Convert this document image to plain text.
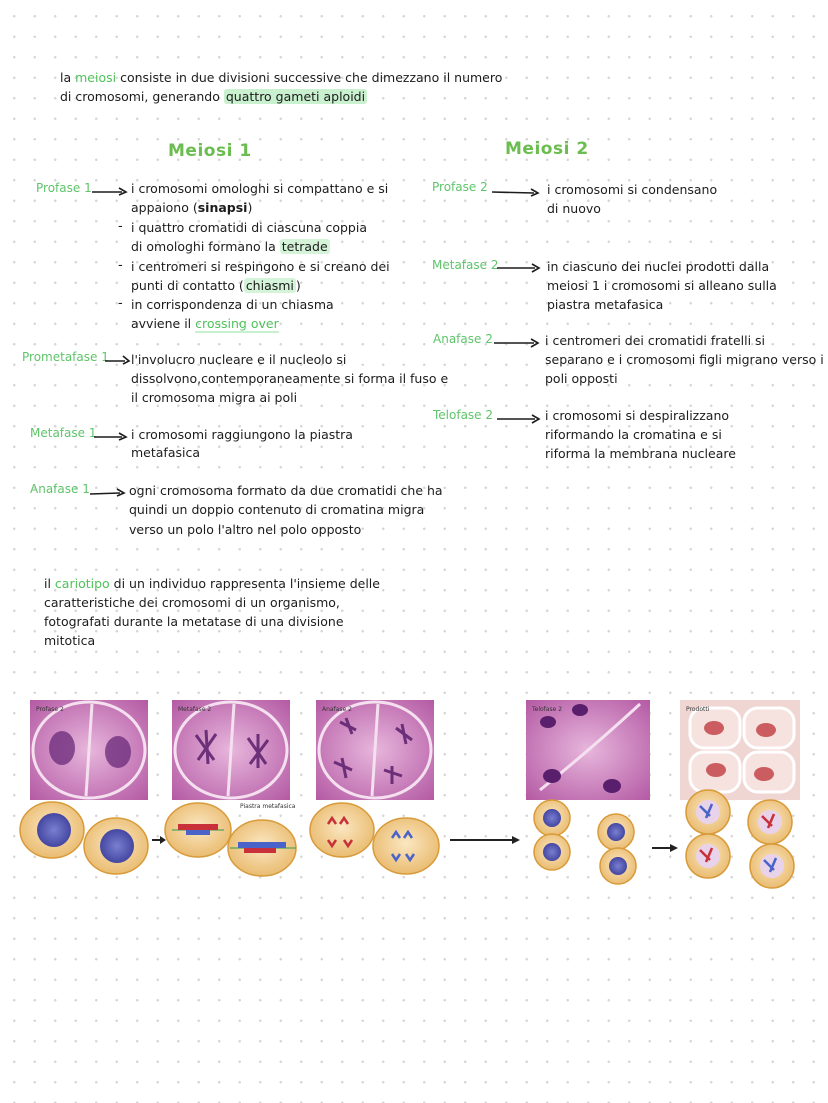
la meiosi consiste in due divisioni successive che dimezzano il numero
di cromosomi, generando quattro gameti aploidi
Meiosi 1	Meiosi 2
Profase 1	i cromosomi omologhi si compattano e si
appaiono (sinapsi)
- i quattro cromatidi di ciascuna coppia
di omologhi formano la tetrade
- i centromeri si respingono e si creano dei
punti di contatto ( chiasmi )
- in corrispondenza di un chiasma
avviene il crossing over
Prometafase 1 l'involucro nucleare e il nucleolo si
dissolvono,contemporaneamente si forma il fuso e
il cromosoma migra ai poli
Metafase 1	i cromosomi raggiungono la piastra
metafasica
Anafase 1	ogni cromosoma formato da due cromatidi che ha
quindi un doppio contenuto di cromatina migra
verso un polo l'altro nel polo opposto
Profase 2	i cromosomi si condensano
di nuovo
Metafase 2	in ciascuno dei nuclei prodotti dalla
meiosi 1 i cromosomi si alleano sulla
piastra metafasica
Anafase 2	i centromeri dei cromatidi fratelli si
separano e i cromosomi figli migrano verso i
poli opposti
Telofase 2	i cromosomi si despiralizzano
riformando la cromatina e si
riforma la membrana nucleare
il cariotipo di un individuo rappresenta l'insieme delle
caratteristiche dei cromosomi di un organismo,
fotografati durante la metatase di una divisione
mitotica
Profase 2	Metafase 2	Anafase 2	Telofase 2	Prodotti
Piastra metafasica
